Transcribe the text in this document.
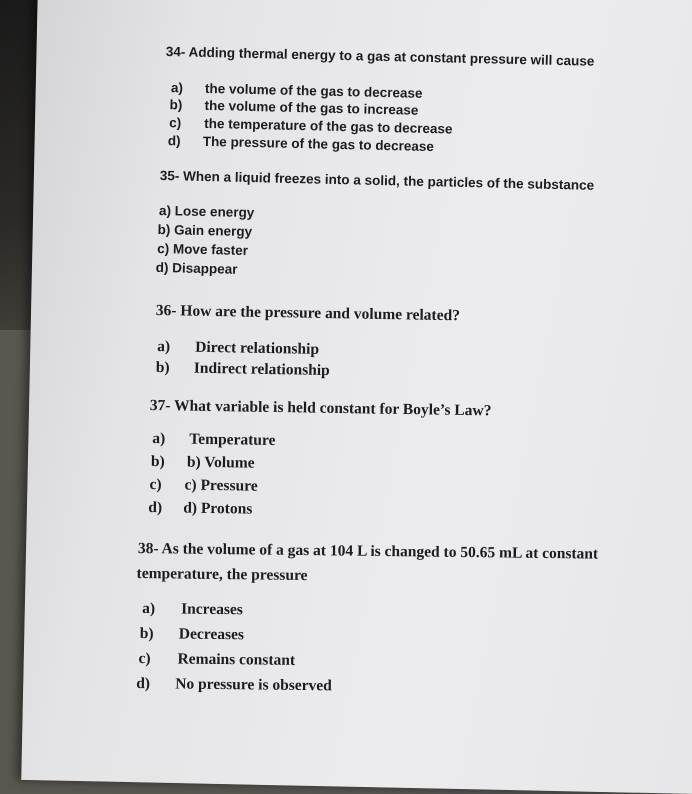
34- Adding thermal energy to a gas at constant pressure will cause
a) the volume of the gas to decrease
b) the volume of the gas to increase
c) the temperature of the gas to decrease
d) The pressure of the gas to decrease
35- When a liquid freezes into a solid, the particles of the substance
a) Lose energy
b) Gain energy
c) Move faster
d) Disappear
36- How are the pressure and volume related?
a) Direct relationship
b) Indirect relationship
37- What variable is held constant for Boyle’s Law?
a) Temperature
b) b) Volume
c) c) Pressure
d) d) Protons
38- As the volume of a gas at 104 L is changed to 50.65 mL at constant
temperature, the pressure
a) Increases
b) Decreases
c) Remains constant
d) No pressure is observed
